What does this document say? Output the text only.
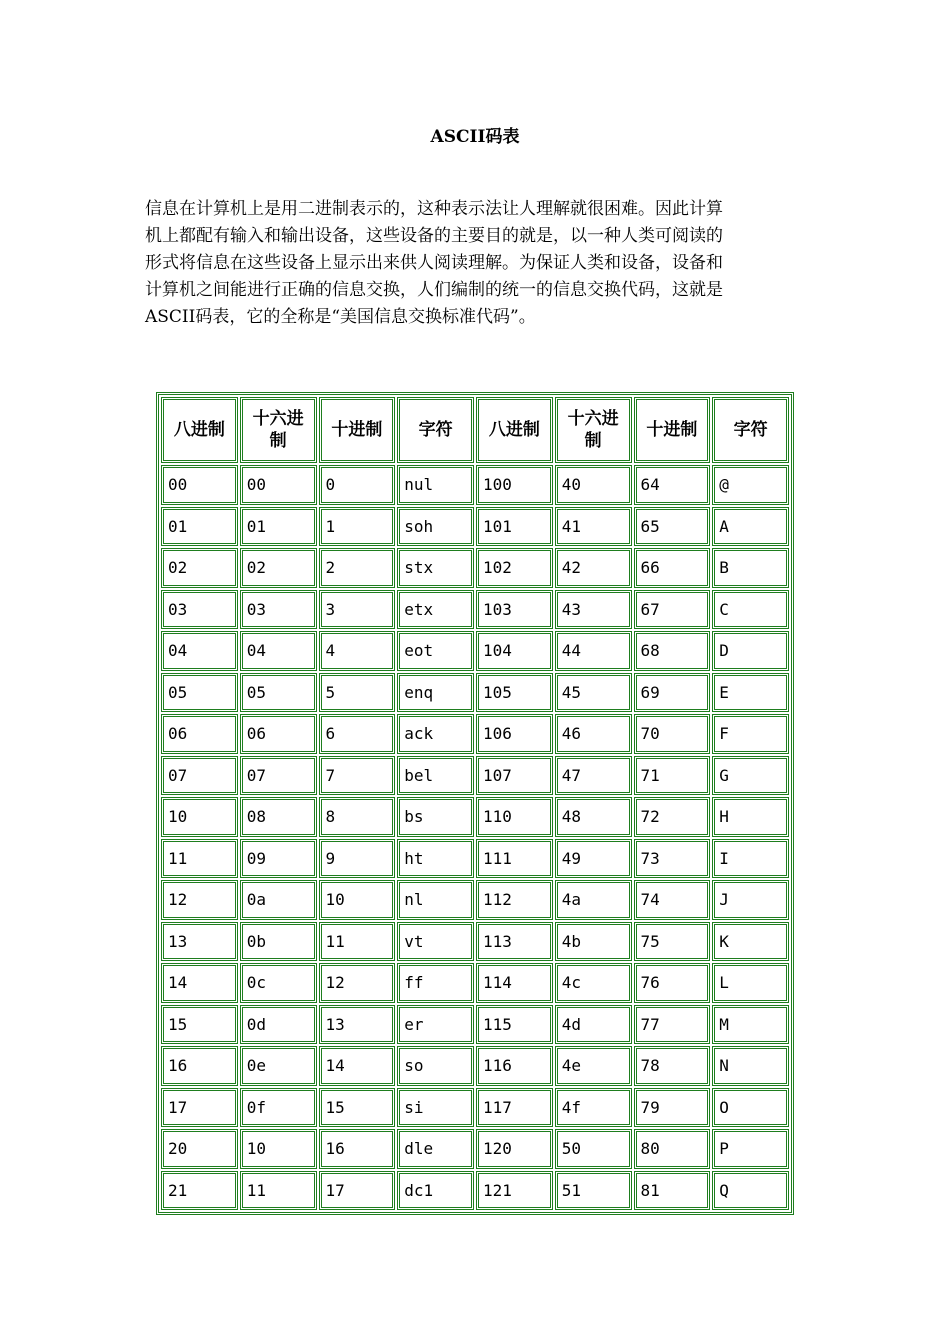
ASCII码表

信息在计算机上是用二进制表示的，这种表示法让人理解就很困难。因此计算机上都配有输入和输出设备，这些设备的主要目的就是，以一种人类可阅读的形式将信息在这些设备上显示出来供人阅读理解。为保证人类和设备，设备和计算机之间能进行正确的信息交换，人们编制的统一的信息交换代码，这就是ASCII码表，它的全称是“美国信息交换标准代码”。

八进制	十六进制	十进制	字符	八进制	十六进制	十进制	字符
00	00	0	nul	100	40	64	@
01	01	1	soh	101	41	65	A
02	02	2	stx	102	42	66	B
03	03	3	etx	103	43	67	C
04	04	4	eot	104	44	68	D
05	05	5	enq	105	45	69	E
06	06	6	ack	106	46	70	F
07	07	7	bel	107	47	71	G
10	08	8	bs	110	48	72	H
11	09	9	ht	111	49	73	I
12	0a	10	nl	112	4a	74	J
13	0b	11	vt	113	4b	75	K
14	0c	12	ff	114	4c	76	L
15	0d	13	er	115	4d	77	M
16	0e	14	so	116	4e	78	N
17	0f	15	si	117	4f	79	O
20	10	16	dle	120	50	80	P
21	11	17	dc1	121	51	81	Q
